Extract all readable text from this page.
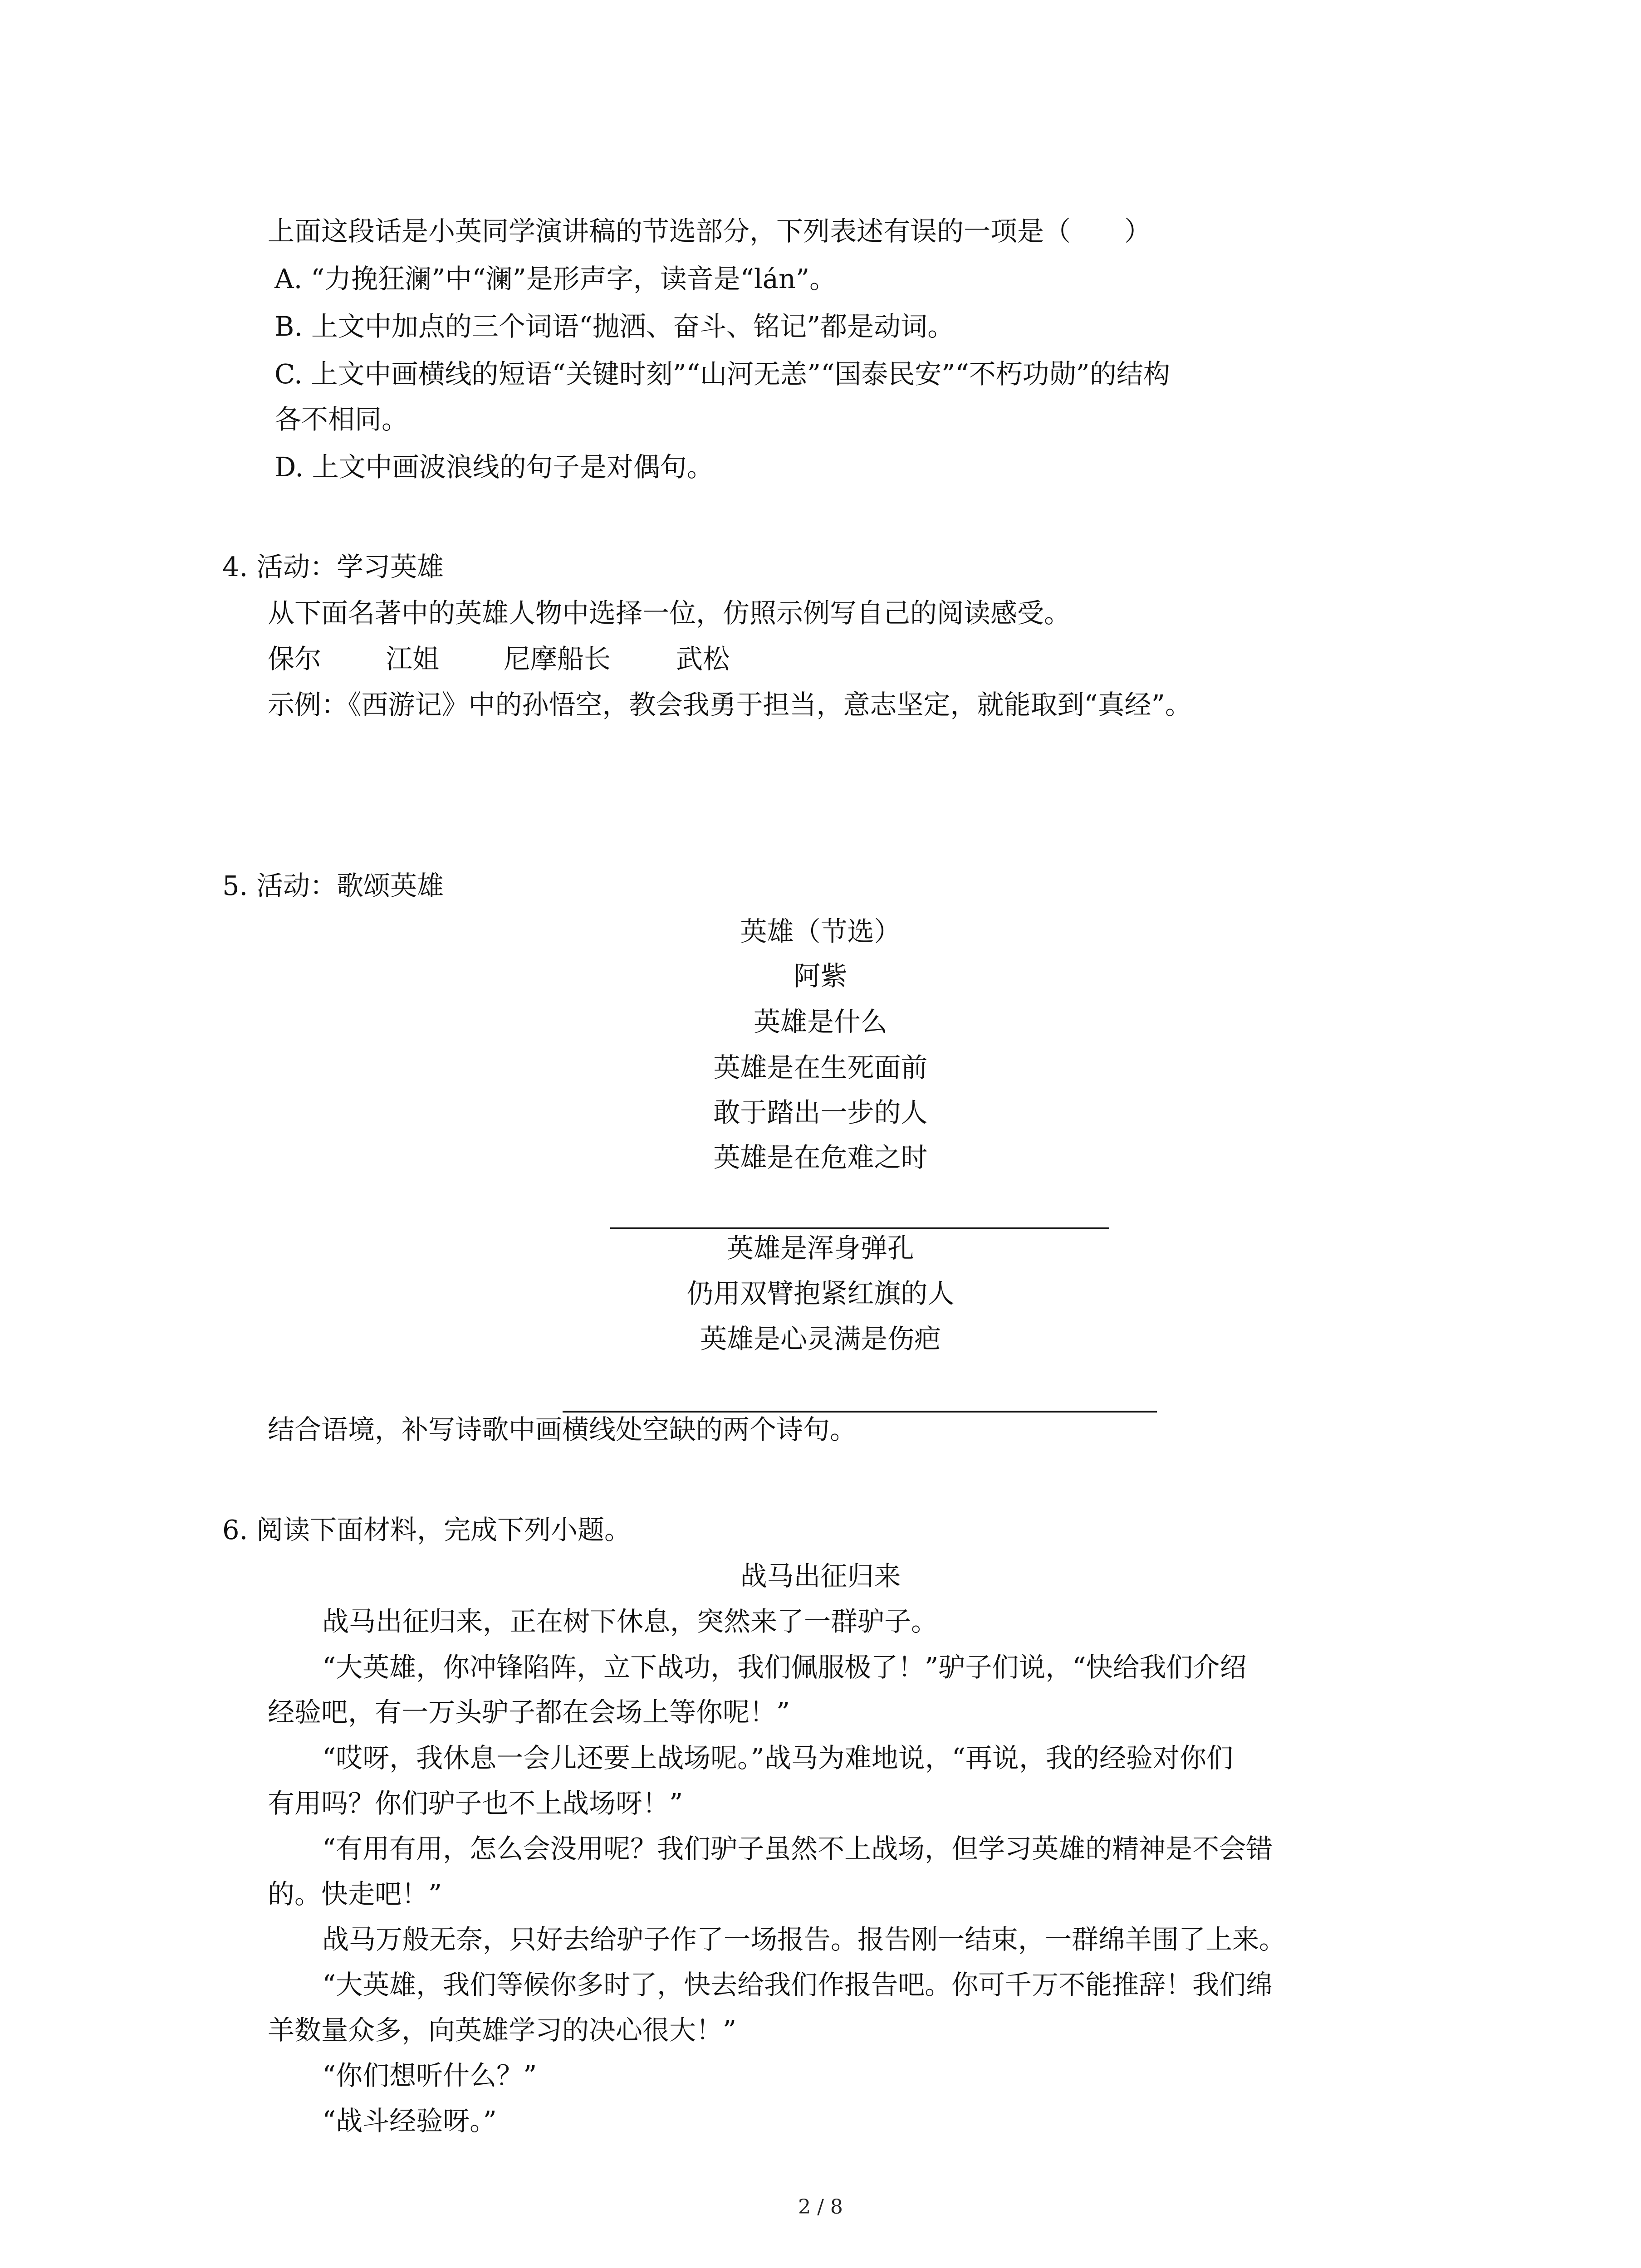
上面这段话是小英同学演讲稿的节选部分，下列表述有误的一项是（　　）
A. “力挽狂澜”中“澜”是形声字，读音是“lán”。
B. 上文中加点的三个词语“抛洒、奋斗、铭记”都是动词。
C. 上文中画横线的短语“关键时刻”“山河无恙”“国泰民安”“不朽功勋”的结构
各不相同。
D. 上文中画波浪线的句子是对偶句。
4. 活动：学习英雄
从下面名著中的英雄人物中选择一位，仿照示例写自己的阅读感受。
保尔 江姐 尼摩船长 武松
示例：《西游记》中的孙悟空，教会我勇于担当，意志坚定，就能取到“真经”。
5. 活动：歌颂英雄
英雄（节选）
阿紫
英雄是什么
英雄是在生死面前
敢于踏出一步的人
英雄是在危难之时
英雄是浑身弹孔
仍用双臂抱紧红旗的人
英雄是心灵满是伤疤
结合语境，补写诗歌中画横线处空缺的两个诗句。
6. 阅读下面材料，完成下列小题。
战马出征归来
战马出征归来，正在树下休息，突然来了一群驴子。
“大英雄，你冲锋陷阵，立下战功，我们佩服极了！”驴子们说，“快给我们介绍
经验吧，有一万头驴子都在会场上等你呢！”
“哎呀，我休息一会儿还要上战场呢。”战马为难地说，“再说，我的经验对你们
有用吗？你们驴子也不上战场呀！”
“有用有用，怎么会没用呢？我们驴子虽然不上战场，但学习英雄的精神是不会错
的。快走吧！”
战马万般无奈，只好去给驴子作了一场报告。报告刚一结束，一群绵羊围了上来。
“大英雄，我们等候你多时了，快去给我们作报告吧。你可千万不能推辞！我们绵
羊数量众多，向英雄学习的决心很大！”
“你们想听什么？”
“战斗经验呀。”
2 / 8
